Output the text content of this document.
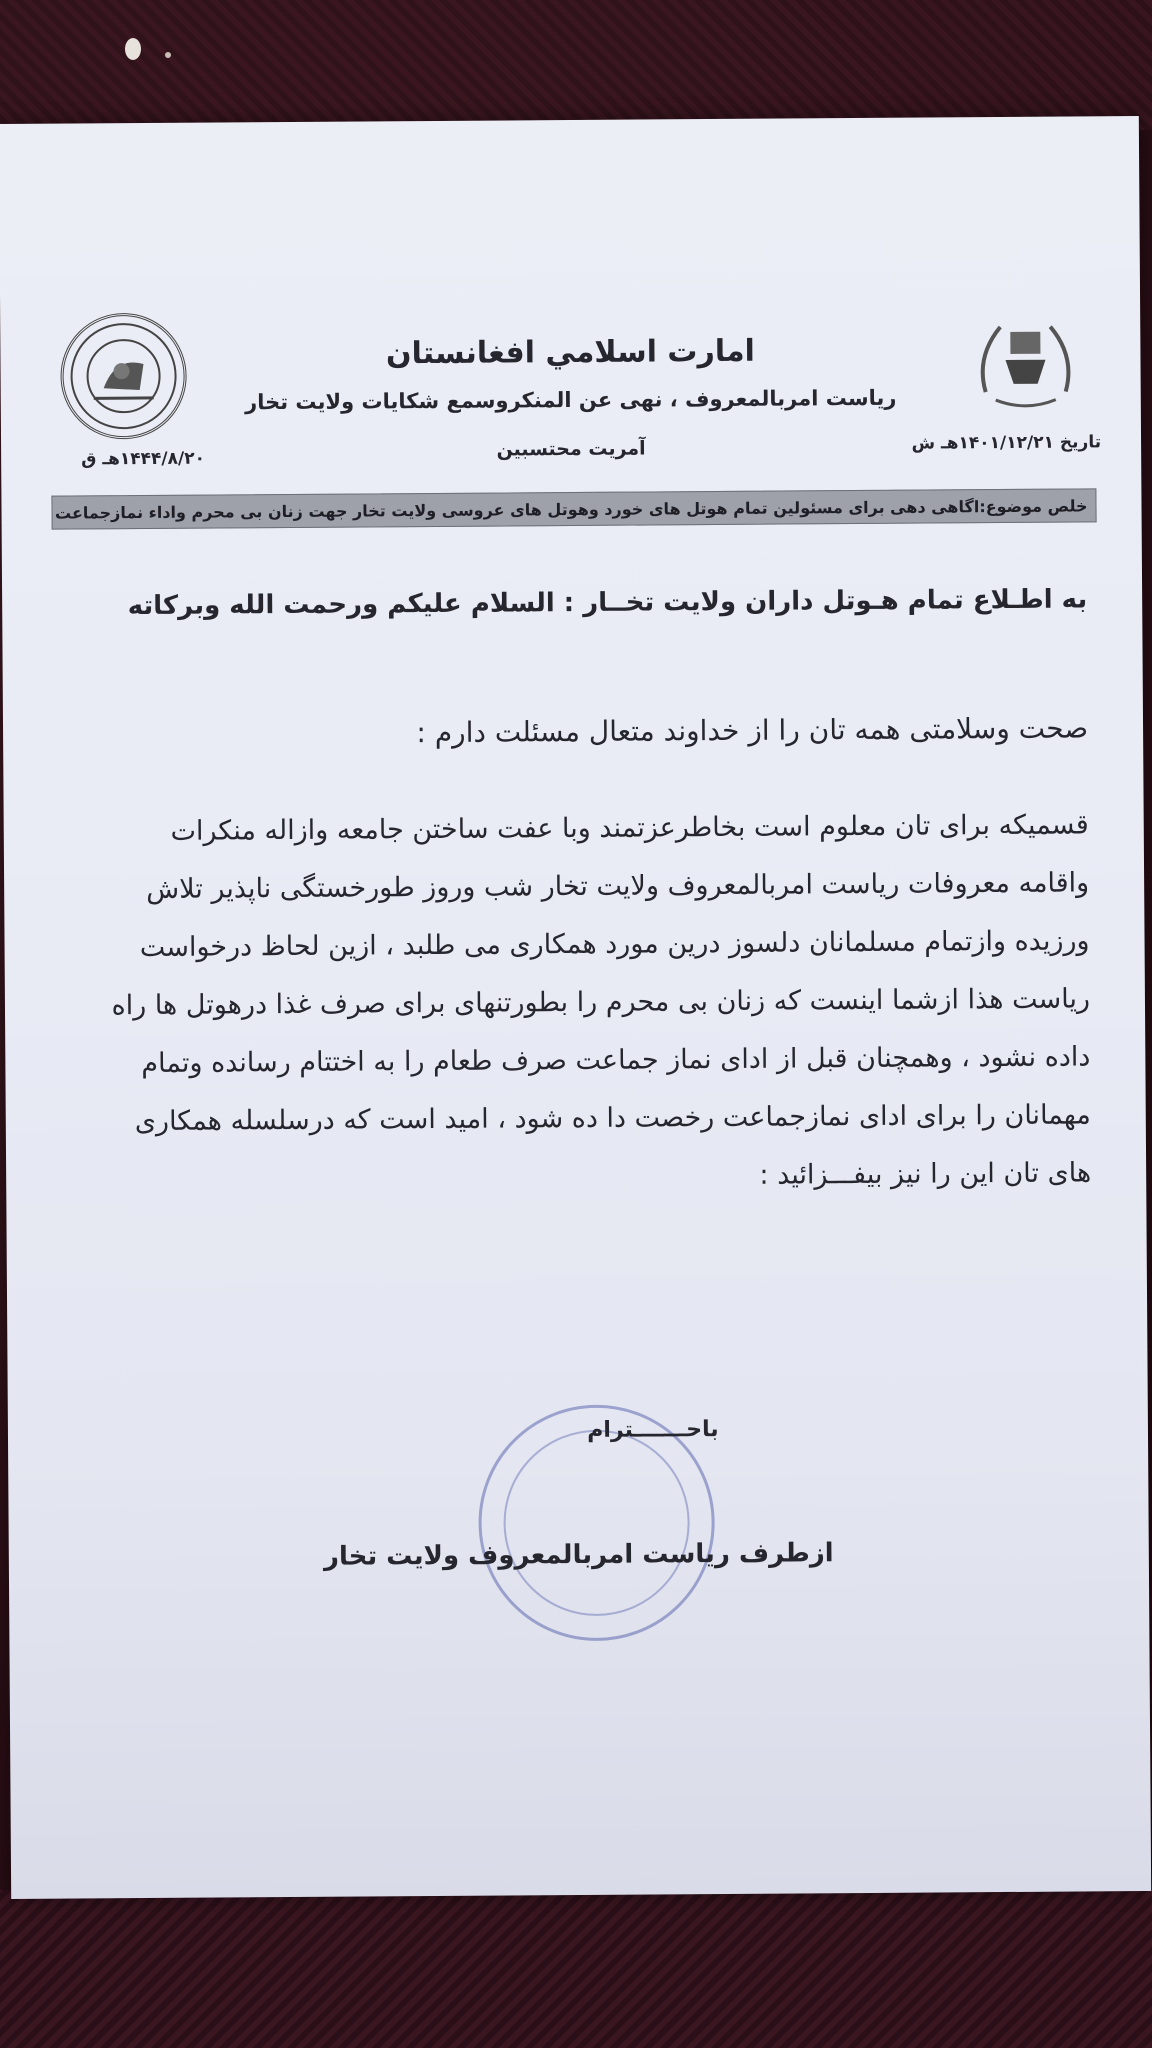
امارت اسلامي افغانستان
ریاست امربالمعروف ، نهی عن المنکروسمع شکایات ولایت تخار
آمریت محتسبین	تاریخ ۱۴۰۱/۱۲/۲۱هـ ش
۱۴۴۴/۸/۲۰هـ ق
خلص موضوع:اگاهی دهی برای مسئولین تمام هوتل های خورد وهوتل های عروسی ولایت تخار جهت زنان بی محرم واداء نمازجماعت
به اطـلاع تمام هـوتل داران ولایت تخــار : السلام علیکم ورحمت الله وبرکاته
صحت وسلامتی همه تان را از خداوند متعال مسئلت دارم :
قسمیکه برای تان معلوم است بخاطرعزتمند وبا عفت ساختن جامعه وازاله منکرات
واقامه معروفات ریاست امربالمعروف ولایت تخار شب وروز طورخستگی ناپذیر تلاش
ورزیده وازتمام مسلمانان دلسوز درین مورد همکاری می طلبد ، ازین لحاظ درخواست
ریاست هذا ازشما اینست که زنان بی محرم را بطورتنهای برای صرف غذا درهوتل ها راه
داده نشود ، وهمچنان قبل از ادای نماز جماعت صرف طعام را به اختتام رسانده وتمام
مهمانان را برای ادای نمازجماعت رخصت دا ده شود ، امید است که درسلسله همکاری
های تان این را نیز بیفـــزائید :
باحـــــــترام
ازطرف ریاست امربالمعروف ولایت تخار
